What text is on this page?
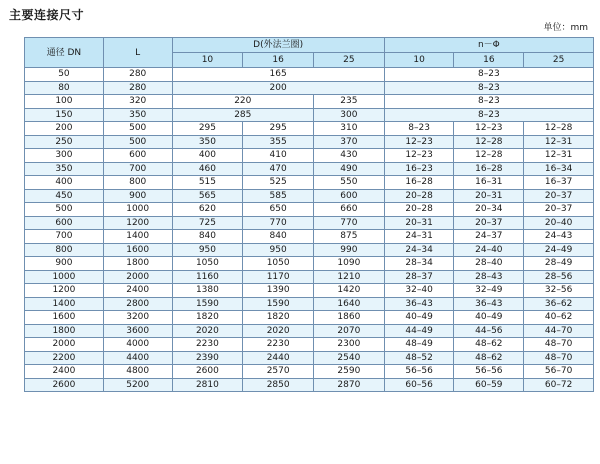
主要连接尺寸
单位：mm
通径 DN	L	D(外法兰圈)			n－Φ		
		10	16	25	10	16	25
50	280	165			8–23		
80	280	200			8–23		
100	320	220		235	8–23		
150	350	285		300	8–23		
200	500	295	295	310	8–23	12–23	12–28
250	500	350	355	370	12–23	12–28	12–31
300	600	400	410	430	12–23	12–28	12–31
350	700	460	470	490	16–23	16–28	16–34
400	800	515	525	550	16–28	16–31	16–37
450	900	565	585	600	20–28	20–31	20–37
500	1000	620	650	660	20–28	20–34	20–37
600	1200	725	770	770	20–31	20–37	20–40
700	1400	840	840	875	24–31	24–37	24–43
800	1600	950	950	990	24–34	24–40	24–49
900	1800	1050	1050	1090	28–34	28–40	28–49
1000	2000	1160	1170	1210	28–37	28–43	28–56
1200	2400	1380	1390	1420	32–40	32–49	32–56
1400	2800	1590	1590	1640	36–43	36–43	36–62
1600	3200	1820	1820	1860	40–49	40–49	40–62
1800	3600	2020	2020	2070	44–49	44–56	44–70
2000	4000	2230	2230	2300	48–49	48–62	48–70
2200	4400	2390	2440	2540	48–52	48–62	48–70
2400	4800	2600	2570	2590	56–56	56–56	56–70
2600	5200	2810	2850	2870	60–56	60–59	60–72
